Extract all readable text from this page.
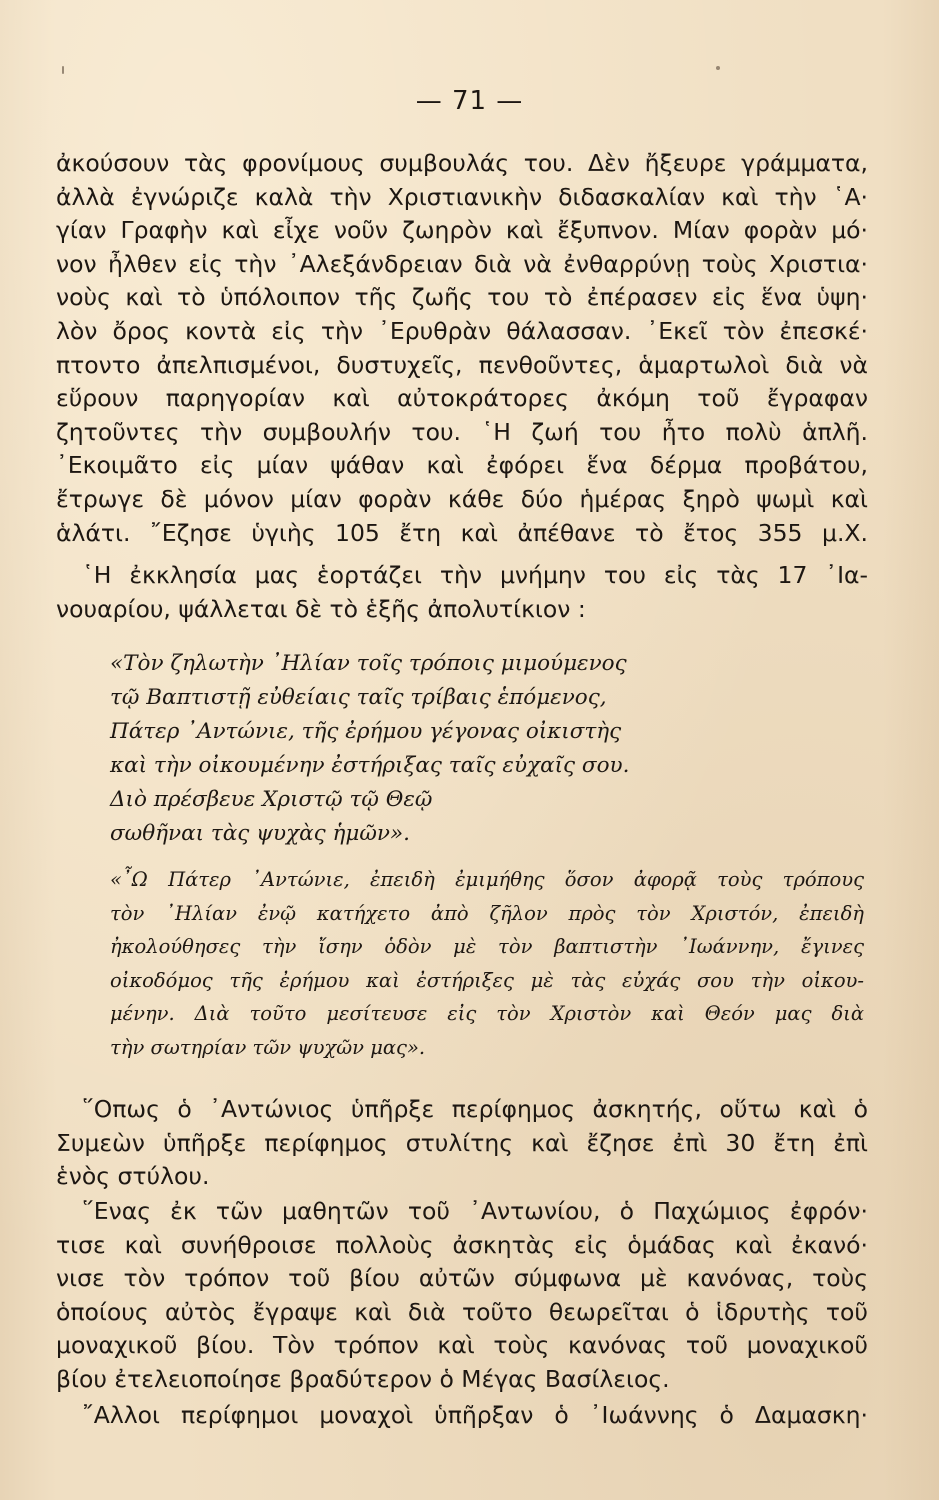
— 71 —
ἀκούσουν τὰς φρονίμους συμβουλάς του. Δὲν ἤξευρε γράμματα,
ἀλλὰ ἐγνώριζε καλὰ τὴν Χριστιανικὴν διδασκαλίαν καὶ τὴν ῾Α·
γίαν Γραφὴν καὶ εἶχε νοῦν ζωηρὸν καὶ ἔξυπνον. Μίαν φορὰν μό·
νον ἦλθεν εἰς τὴν ᾿Αλεξάνδρειαν διὰ νὰ ἐνθαρρύνῃ τοὺς Χριστια·
νοὺς καὶ τὸ ὑπόλοιπον τῆς ζωῆς του τὸ ἐπέρασεν εἰς ἕνα ὑψη·
λὸν ὄρος κοντὰ εἰς τὴν ᾿Ερυθρὰν θάλασσαν. ᾿Εκεῖ τὸν ἐπεσκέ·
πτοντο ἀπελπισμένοι, δυστυχεῖς, πενθοῦντες, ἁμαρτωλοὶ διὰ νὰ
εὕρουν παρηγορίαν καὶ αὐτοκράτορες ἀκόμη τοῦ ἔγραφαν
ζητοῦντες τὴν συμβουλήν του. ῾Η ζωή του ἦτο πολὺ ἁπλῆ.
᾿Εκοιμᾶτο εἰς μίαν ψάθαν καὶ ἐφόρει ἕνα δέρμα προβάτου,
ἔτρωγε δὲ μόνον μίαν φορὰν κάθε δύο ἡμέρας ξηρὸ ψωμὶ καὶ
ἁλάτι. ῎Εζησε ὑγιὴς 105 ἔτη καὶ ἀπέθανε τὸ ἔτος 355 μ.Χ.
῾Η ἐκκλησία μας ἑορτάζει τὴν μνήμην του εἰς τὰς 17 ᾿Ια-
νουαρίου, ψάλλεται δὲ τὸ ἑξῆς ἀπολυτίκιον :
«Τὸν ζηλωτὴν ᾿Ηλίαν τοῖς τρόποις μιμούμενος
τῷ Βαπτιστῇ εὐθείαις ταῖς τρίβαις ἑπόμενος,
Πάτερ ᾿Αντώνιε, τῆς ἐρήμου γέγονας οἰκιστὴς
καὶ τὴν οἰκουμένην ἐστήριξας ταῖς εὐχαῖς σου.
Διὸ πρέσβευε Χριστῷ τῷ Θεῷ
σωθῆναι τὰς ψυχὰς ἡμῶν».
«῏Ω Πάτερ ᾿Αντώνιε, ἐπειδὴ ἐμιμήθης ὅσον ἀφορᾷ τοὺς τρόπους
τὸν ᾿Ηλίαν ἐνῷ κατήχετο ἀπὸ ζῆλον πρὸς τὸν Χριστόν, ἐπειδὴ
ἠκολούθησες τὴν ἴσην ὁδὸν μὲ τὸν βαπτιστὴν ᾿Ιωάννην, ἔγινες
οἰκοδόμος τῆς ἐρήμου καὶ ἐστήριξες μὲ τὰς εὐχάς σου τὴν οἰκου-
μένην. Διὰ τοῦτο μεσίτευσε εἰς τὸν Χριστὸν καὶ Θεόν μας διὰ
τὴν σωτηρίαν τῶν ψυχῶν μας».
῞Οπως ὁ ᾿Αντώνιος ὑπῆρξε περίφημος ἀσκητής, οὕτω καὶ ὁ
Συμεὼν ὑπῆρξε περίφημος στυλίτης καὶ ἔζησε ἐπὶ 30 ἔτη ἐπὶ
ἑνὸς στύλου.
῞Ενας ἐκ τῶν μαθητῶν τοῦ ᾿Αντωνίου, ὁ Παχώμιος ἐφρόν·
τισε καὶ συνήθροισε πολλοὺς ἀσκητὰς εἰς ὁμάδας καὶ ἐκανό·
νισε τὸν τρόπον τοῦ βίου αὐτῶν σύμφωνα μὲ κανόνας, τοὺς
ὁποίους αὐτὸς ἔγραψε καὶ διὰ τοῦτο θεωρεῖται ὁ ἱδρυτὴς τοῦ
μοναχικοῦ βίου. Τὸν τρόπον καὶ τοὺς κανόνας τοῦ μοναχικοῦ
βίου ἐτελειοποίησε βραδύτερον ὁ Μέγας Βασίλειος.
῎Αλλοι περίφημοι μοναχοὶ ὑπῆρξαν ὁ ᾿Ιωάννης ὁ Δαμασκη·
